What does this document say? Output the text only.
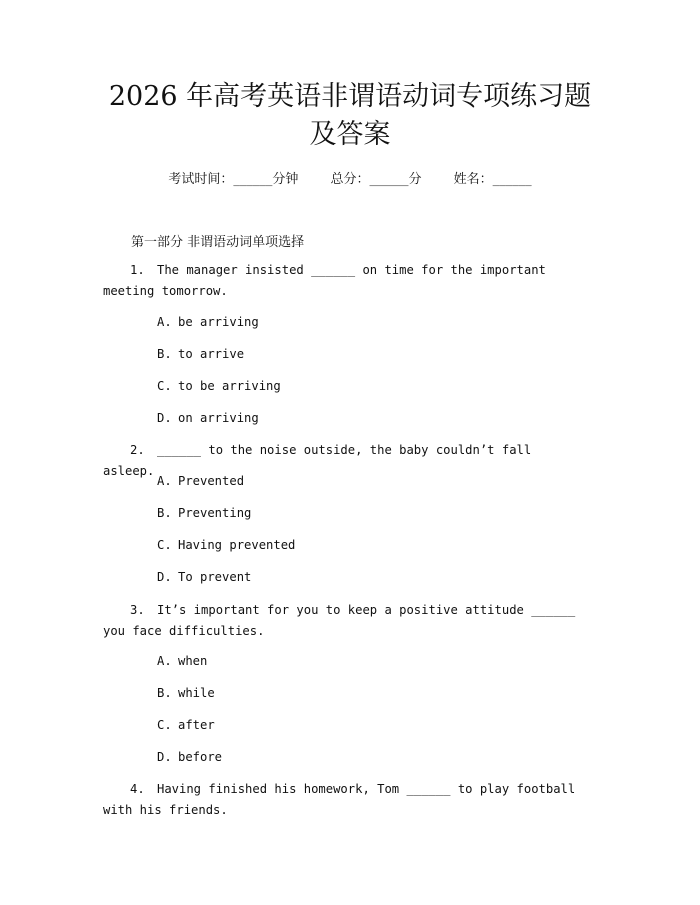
2026 年高考英语非谓语动词专项练习题及答案
考试时间：______分钟 总分：______分 姓名：______
第一部分 非谓语动词单项选择
1. The manager insisted ______ on time for the important meeting tomorrow.
A. be arriving
B. to arrive
C. to be arriving
D. on arriving
2. ______ to the noise outside, the baby couldn’t fall asleep.
A. Prevented
B. Preventing
C. Having prevented
D. To prevent
3. It’s important for you to keep a positive attitude ______ you face difficulties.
A. when
B. while
C. after
D. before
4. Having finished his homework, Tom ______ to play football with his friends.
